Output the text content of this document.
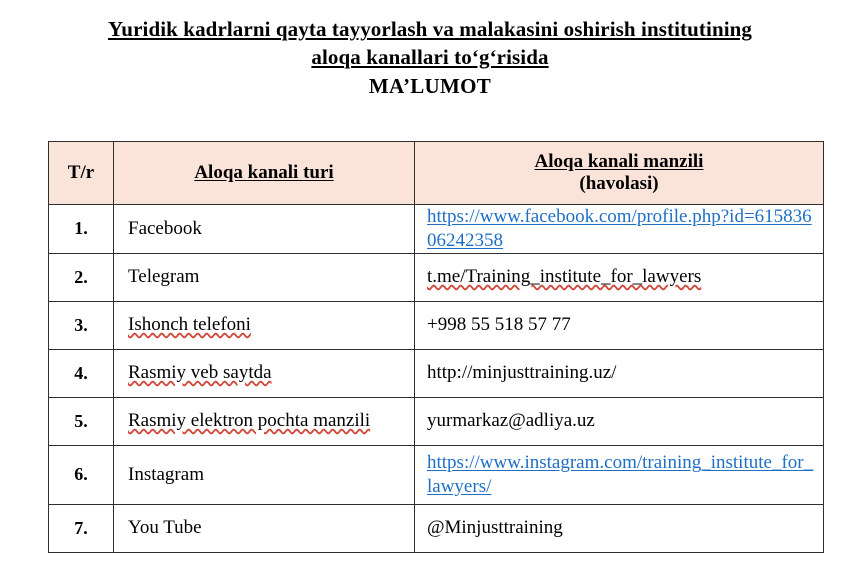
Yuridik kadrlarni qayta tayyorlash va malakasini oshirish institutining
aloqa kanallari to‘g‘risida
MA’LUMOT
T/r	Aloqa kanali turi	Aloqa kanali manzili
(havolasi)

1.	Facebook	https://www.facebook.com/profile.php?id=61583606242358
2.	Telegram	t.me/Training_institute_for_lawyers
3.	Ishonch telefoni	+998 55 518 57 77
4.	Rasmiy veb saytda	http://minjusttraining.uz/
5.	Rasmiy elektron pochta manzili	yurmarkaz@adliya.uz
6.	Instagram	https://www.instagram.com/training_institute_for_lawyers/
7.	You Tube	@Minjusttraining
